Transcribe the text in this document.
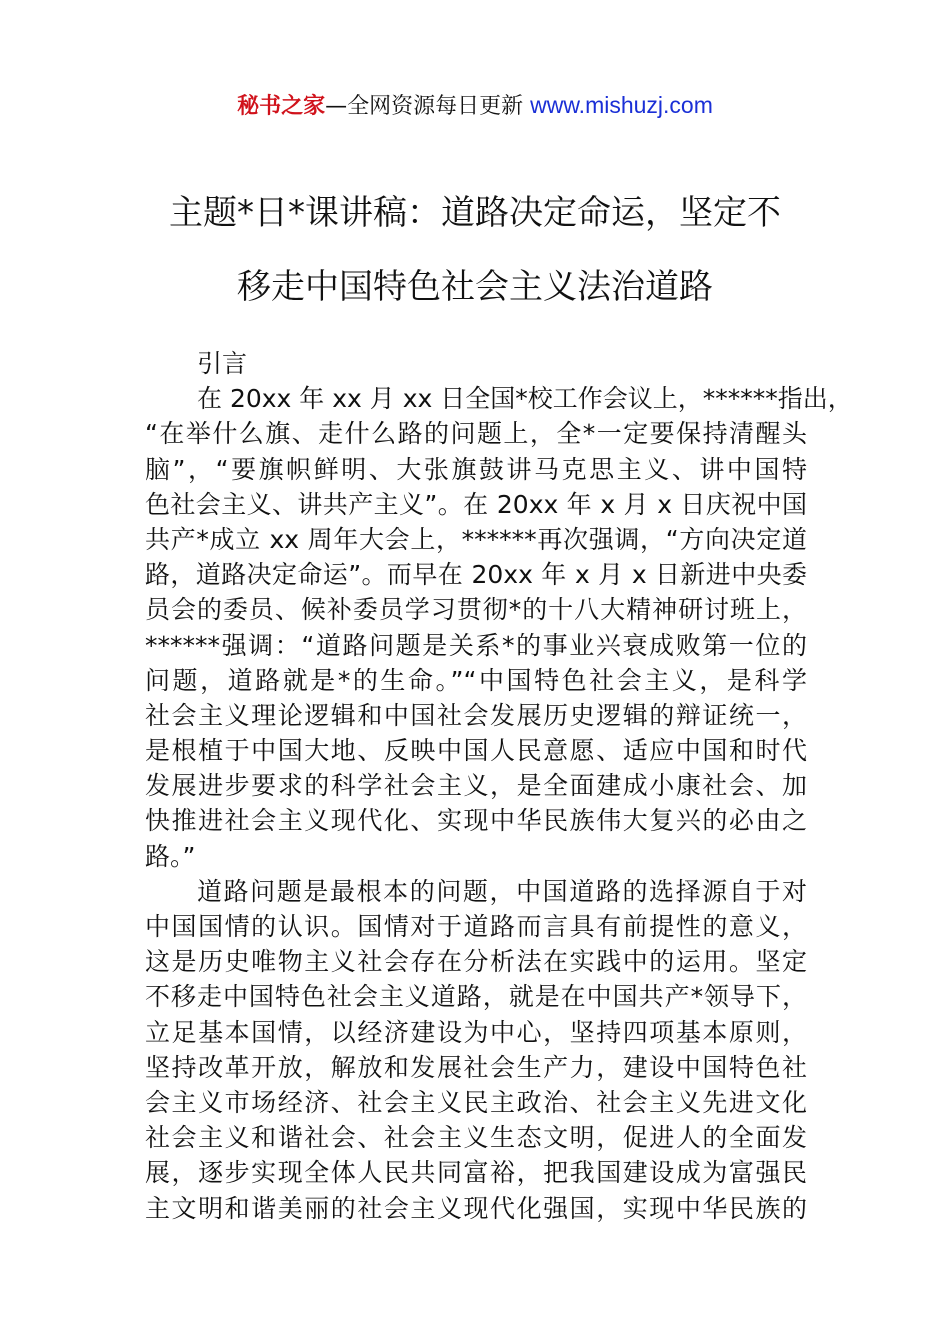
秘书之家—全网资源每日更新 www.mishuzj.com
主题*日*课讲稿：道路决定命运，坚定不
移走中国特色社会主义法治道路
引言
在 20xx 年 xx 月 xx 日全国*校工作会议上，******指出，
“在举什么旗、走什么路的问题上，全*一定要保持清醒头
脑”，“要旗帜鲜明、大张旗鼓讲马克思主义、讲中国特
色社会主义、讲共产主义”。在 20xx 年 x 月 x 日庆祝中国
共产*成立 xx 周年大会上，******再次强调，“方向决定道
路，道路决定命运”。而早在 20xx 年 x 月 x 日新进中央委
员会的委员、候补委员学习贯彻*的十八大精神研讨班上，
******强调：“道路问题是关系*的事业兴衰成败第一位的
问题，道路就是*的生命。”“中国特色社会主义，是科学
社会主义理论逻辑和中国社会发展历史逻辑的辩证统一，
是根植于中国大地、反映中国人民意愿、适应中国和时代
发展进步要求的科学社会主义，是全面建成小康社会、加
快推进社会主义现代化、实现中华民族伟大复兴的必由之
路。”
道路问题是最根本的问题，中国道路的选择源自于对
中国国情的认识。国情对于道路而言具有前提性的意义，
这是历史唯物主义社会存在分析法在实践中的运用。坚定
不移走中国特色社会主义道路，就是在中国共产*领导下，
立足基本国情，以经济建设为中心，坚持四项基本原则，
坚持改革开放，解放和发展社会生产力，建设中国特色社
会主义市场经济、社会主义民主政治、社会主义先进文化
社会主义和谐社会、社会主义生态文明，促进人的全面发
展，逐步实现全体人民共同富裕，把我国建设成为富强民
主文明和谐美丽的社会主义现代化强国，实现中华民族的
